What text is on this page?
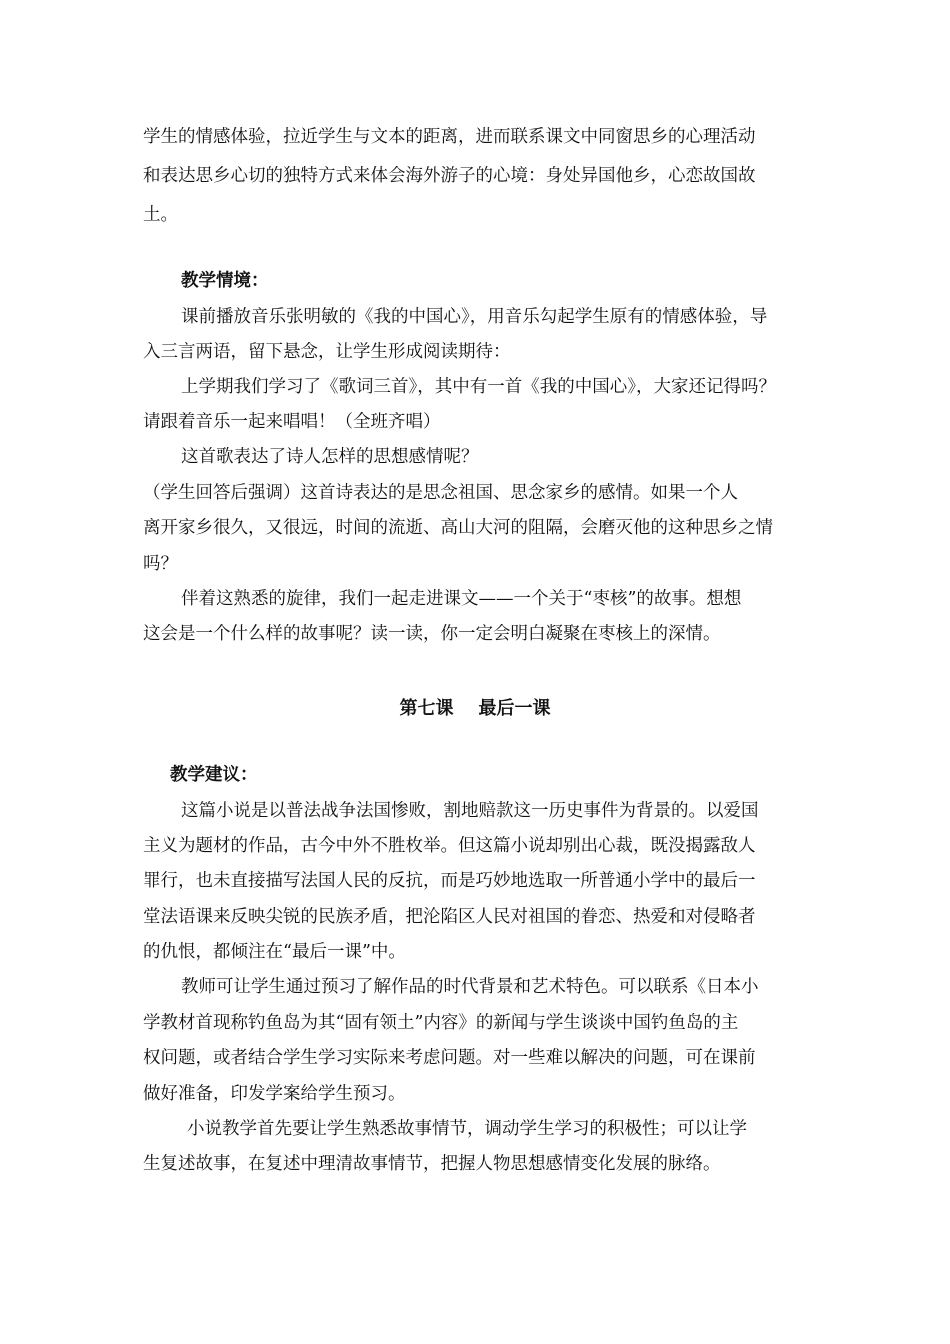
学生的情感体验，拉近学生与文本的距离，进而联系课文中同窗思乡的心理活动
和表达思乡心切的独特方式来体会海外游子的心境：身处异国他乡，心恋故国故
土。
教学情境：
课前播放音乐张明敏的《我的中国心》，用音乐勾起学生原有的情感体验，导
入三言两语，留下悬念，让学生形成阅读期待：
上学期我们学习了《歌词三首》，其中有一首《我的中国心》，大家还记得吗？
请跟着音乐一起来唱唱！（全班齐唱）
这首歌表达了诗人怎样的思想感情呢？
（学生回答后强调）这首诗表达的是思念祖国、思念家乡的感情。如果一个人
离开家乡很久，又很远，时间的流逝、高山大河的阻隔，会磨灭他的这种思乡之情
吗？
伴着这熟悉的旋律，我们一起走进课文——一个关于“枣核”的故事。想想
这会是一个什么样的故事呢？读一读，你一定会明白凝聚在枣核上的深情。
第七课    最后一课
教学建议：
这篇小说是以普法战争法国惨败，割地赔款这一历史事件为背景的。以爱国
主义为题材的作品，古今中外不胜枚举。但这篇小说却别出心裁，既没揭露敌人
罪行，也未直接描写法国人民的反抗，而是巧妙地选取一所普通小学中的最后一
堂法语课来反映尖锐的民族矛盾，把沦陷区人民对祖国的眷恋、热爱和对侵略者
的仇恨，都倾注在“最后一课”中。
教师可让学生通过预习了解作品的时代背景和艺术特色。可以联系《日本小
学教材首现称钓鱼岛为其“固有领土”内容》的新闻与学生谈谈中国钓鱼岛的主
权问题，或者结合学生学习实际来考虑问题。对一些难以解决的问题，可在课前
做好准备，印发学案给学生预习。
小说教学首先要让学生熟悉故事情节，调动学生学习的积极性；可以让学
生复述故事，在复述中理清故事情节，把握人物思想感情变化发展的脉络。
